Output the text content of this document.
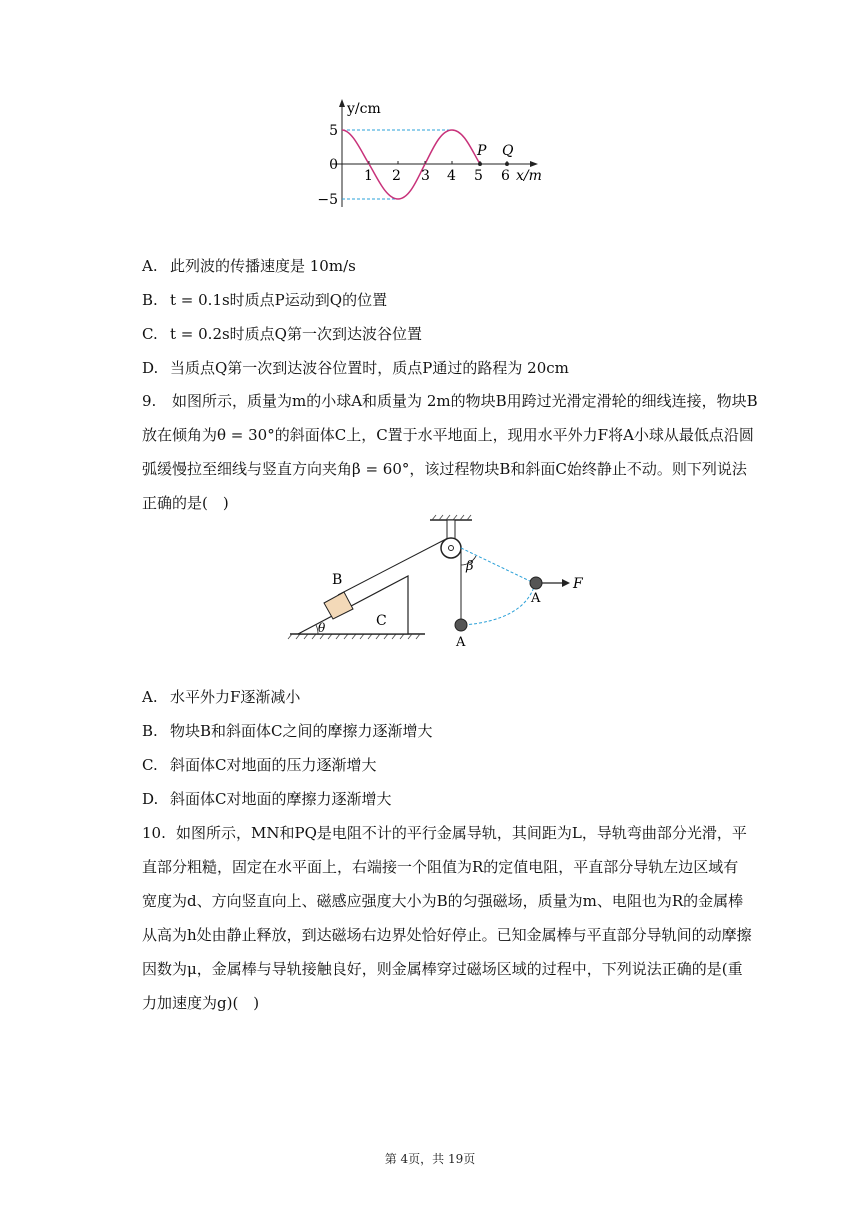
y/cm
5
0
−5
1 2 3 4 5 6 x/m
P Q
A. 此列波的传播速度是 10m/s
B. t = 0.1s时质点P运动到Q的位置
C. t = 0.2s时质点Q第一次到达波谷位置
D. 当质点Q第一次到达波谷位置时，质点P通过的路程为 20cm
9. 如图所示，质量为m的小球A和质量为 2m的物块B用跨过光滑定滑轮的细线连接，物块B
放在倾角为θ = 30°的斜面体C上，C置于水平地面上，现用水平外力F将A小球从最低点沿圆
弧缓慢拉至细线与竖直方向夹角β = 60°，该过程物块B和斜面C始终静止不动。则下列说法
正确的是(　)
B
C
θ
β
A
A
F
A. 水平外力F逐渐减小
B. 物块B和斜面体C之间的摩擦力逐渐增大
C. 斜面体C对地面的压力逐渐增大
D. 斜面体C对地面的摩擦力逐渐增大
10. 如图所示，MN和PQ是电阻不计的平行金属导轨，其间距为L，导轨弯曲部分光滑，平
直部分粗糙，固定在水平面上，右端接一个阻值为R的定值电阻，平直部分导轨左边区域有
宽度为d、方向竖直向上、磁感应强度大小为B的匀强磁场，质量为m、电阻也为R的金属棒
从高为h处由静止释放，到达磁场右边界处恰好停止。已知金属棒与平直部分导轨间的动摩擦
因数为μ，金属棒与导轨接触良好，则金属棒穿过磁场区域的过程中，下列说法正确的是(重
力加速度为g)(　)
第 4页，共 19页
